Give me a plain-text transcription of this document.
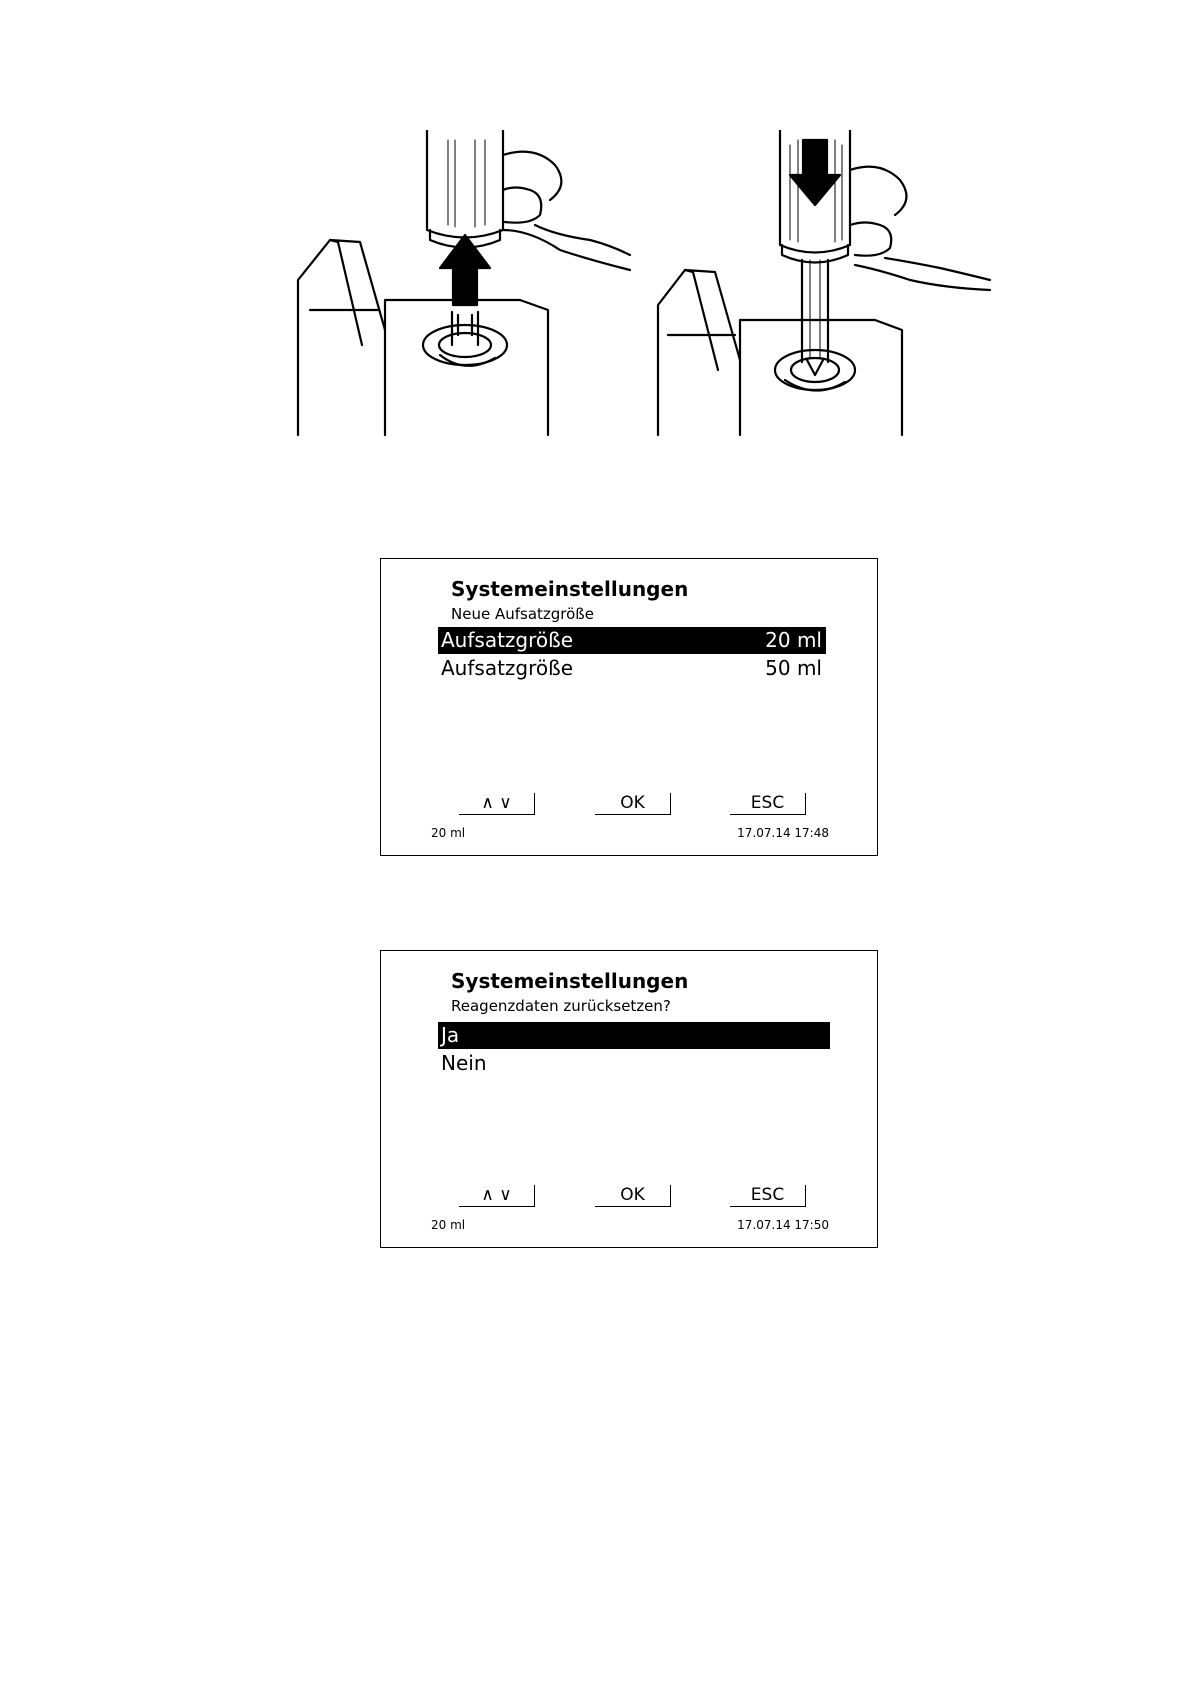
Systemeinstellungen
Neue Aufsatzgröße
Aufsatzgröße	20 ml
Aufsatzgröße	50 ml
∧ ∨	OK	ESC
20 ml	17.07.14 17:48
Systemeinstellungen
Reagenzdaten zurücksetzen?
Ja
Nein
∧ ∨	OK	ESC
20 ml	17.07.14 17:50
